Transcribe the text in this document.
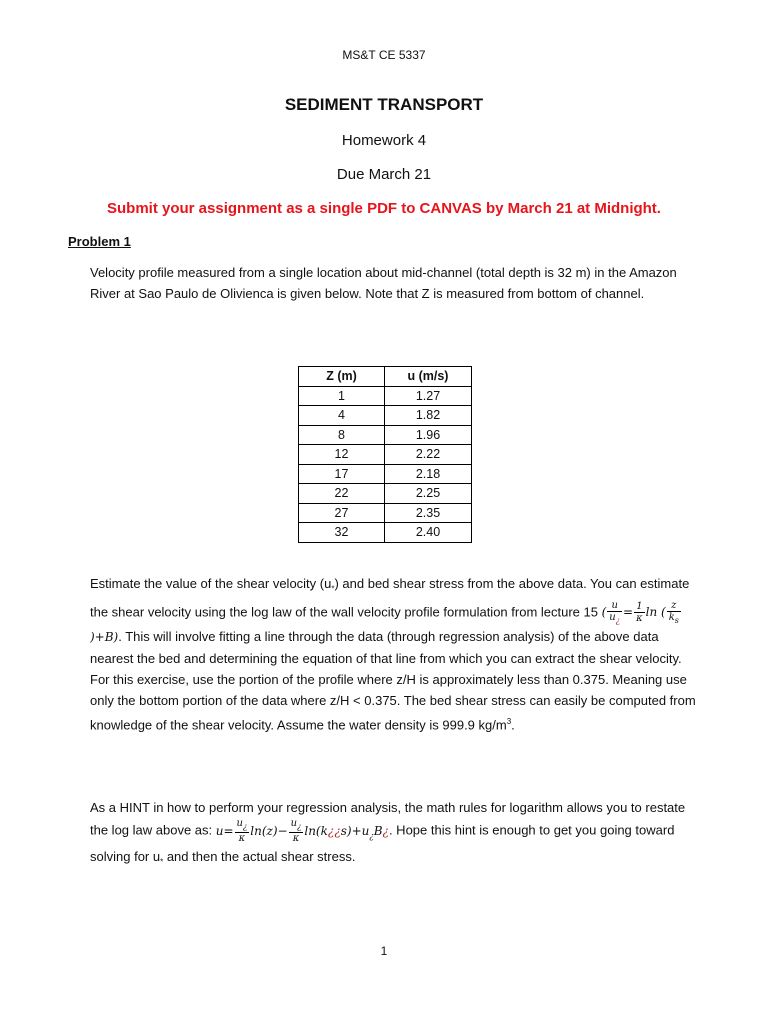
MS&T CE 5337
SEDIMENT TRANSPORT
Homework 4
Due March 21
Submit your assignment as a single PDF to CANVAS by March 21 at Midnight.
Problem 1
Velocity profile measured from a single location about mid-channel (total depth is 32 m) in the Amazon River at Sao Paulo de Olivienca is given below. Note that Z is measured from bottom of channel.
Z (m)	u (m/s)
1	1.27
4	1.82
8	1.96
12	2.22
17	2.18
22	2.25
27	2.35
32	2.40
Estimate the value of the shear velocity $(u_*)$ and bed shear stress from the above data. You can estimate the shear velocity using the log law of the wall velocity profile formulation from lecture 15 ( $\frac{u}{u_¿} = \frac{1}{\kappa}$ ln ( $\frac{z}{k_s}$
)+B). This will involve fitting a line through the data (through regression analysis) of the above data nearest the bed and determining the equation of that line from which you can extract the shear velocity. For this exercise, use the portion of the profile where z/H is approximately less than 0.375. Meaning use only the bottom portion of the data where z/H < 0.375. The bed shear stress can easily be computed from knowledge of the shear velocity. Assume the water density is 999.9 $kg/m^3$.
As a HINT in how to perform your regression analysis, the math rules for logarithm allows you to restate the log law above as: $u= \frac{u_¿}{\kappa} \ln(z)- \frac{u_¿}{\kappa}$ $\ln(k¿¿s)+u_¿B¿$. Hope this hint is enough to get you going toward solving for $u_*$ and then the actual shear stress.
1
